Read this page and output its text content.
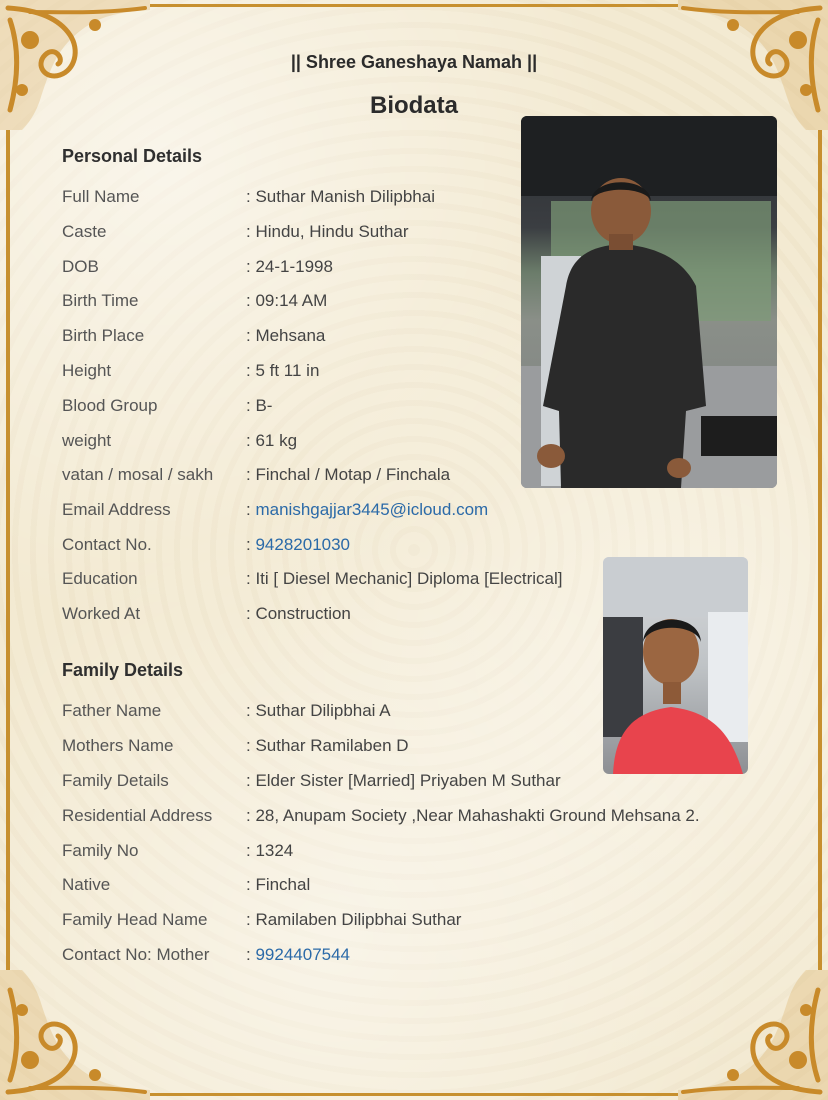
|| Shree Ganeshaya Namah ||
Biodata
Personal Details
Full Name	: Suthar Manish Dilipbhai
Caste	: Hindu, Hindu Suthar
DOB	: 24-1-1998
Birth Time	: 09:14 AM
Birth Place	: Mehsana
Height	: 5 ft 11 in
Blood Group	: B-
weight	: 61 kg
vatan / mosal / sakh : Finchal / Motap / Finchala
Email Address	: manishgajjar3445@icloud.com
Contact No.	: 9428201030
Education	: Iti [ Diesel Mechanic] Diploma [Electrical]
Worked At	: Construction
Family Details
Father Name	: Suthar Dilipbhai A
Mothers Name	: Suthar Ramilaben D
Family Details	: Elder Sister [Married] Priyaben M Suthar
Residential Address : 28, Anupam Society ,Near Mahashakti Ground Mehsana 2.
Family No	: 1324
Native	: Finchal
Family Head Name : Ramilaben Dilipbhai Suthar
Contact No: Mother : 9924407544
